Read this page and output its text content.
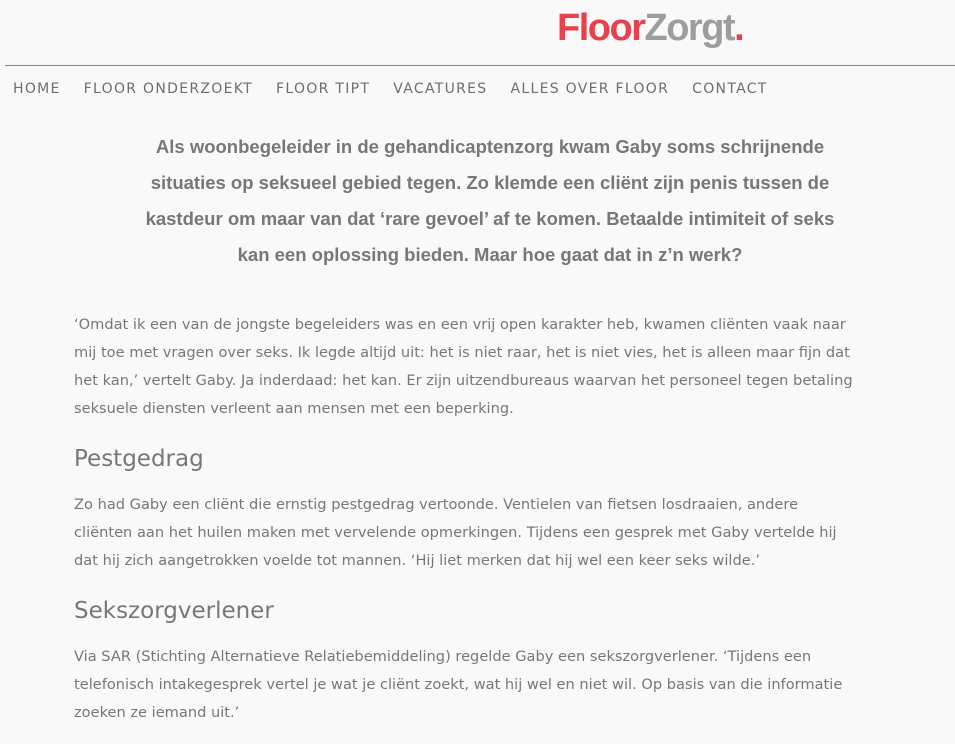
FloorZorgt.
HOME FLOOR ONDERZOEKT FLOOR TIPT VACATURES ALLES OVER FLOOR CONTACT
Als woonbegeleider in de gehandicaptenzorg kwam Gaby soms schrijnende
situaties op seksueel gebied tegen. Zo klemde een cliënt zijn penis tussen de
kastdeur om maar van dat ‘rare gevoel’ af te komen. Betaalde intimiteit of seks
kan een oplossing bieden. Maar hoe gaat dat in z’n werk?
‘Omdat ik een van de jongste begeleiders was en een vrij open karakter heb, kwamen cliënten vaak naar
mij toe met vragen over seks. Ik legde altijd uit: het is niet raar, het is niet vies, het is alleen maar fijn dat
het kan,’ vertelt Gaby. Ja inderdaad: het kan. Er zijn uitzendbureaus waarvan het personeel tegen betaling
seksuele diensten verleent aan mensen met een beperking.
Pestgedrag
Zo had Gaby een cliënt die ernstig pestgedrag vertoonde. Ventielen van fietsen losdraaien, andere
cliënten aan het huilen maken met vervelende opmerkingen. Tijdens een gesprek met Gaby vertelde hij
dat hij zich aangetrokken voelde tot mannen. ‘Hij liet merken dat hij wel een keer seks wilde.’
Sekszorgverlener
Via SAR (Stichting Alternatieve Relatiebemiddeling) regelde Gaby een sekszorgverlener. ‘Tijdens een
telefonisch intakegesprek vertel je wat je cliënt zoekt, wat hij wel en niet wil. Op basis van die informatie
zoeken ze iemand uit.’
